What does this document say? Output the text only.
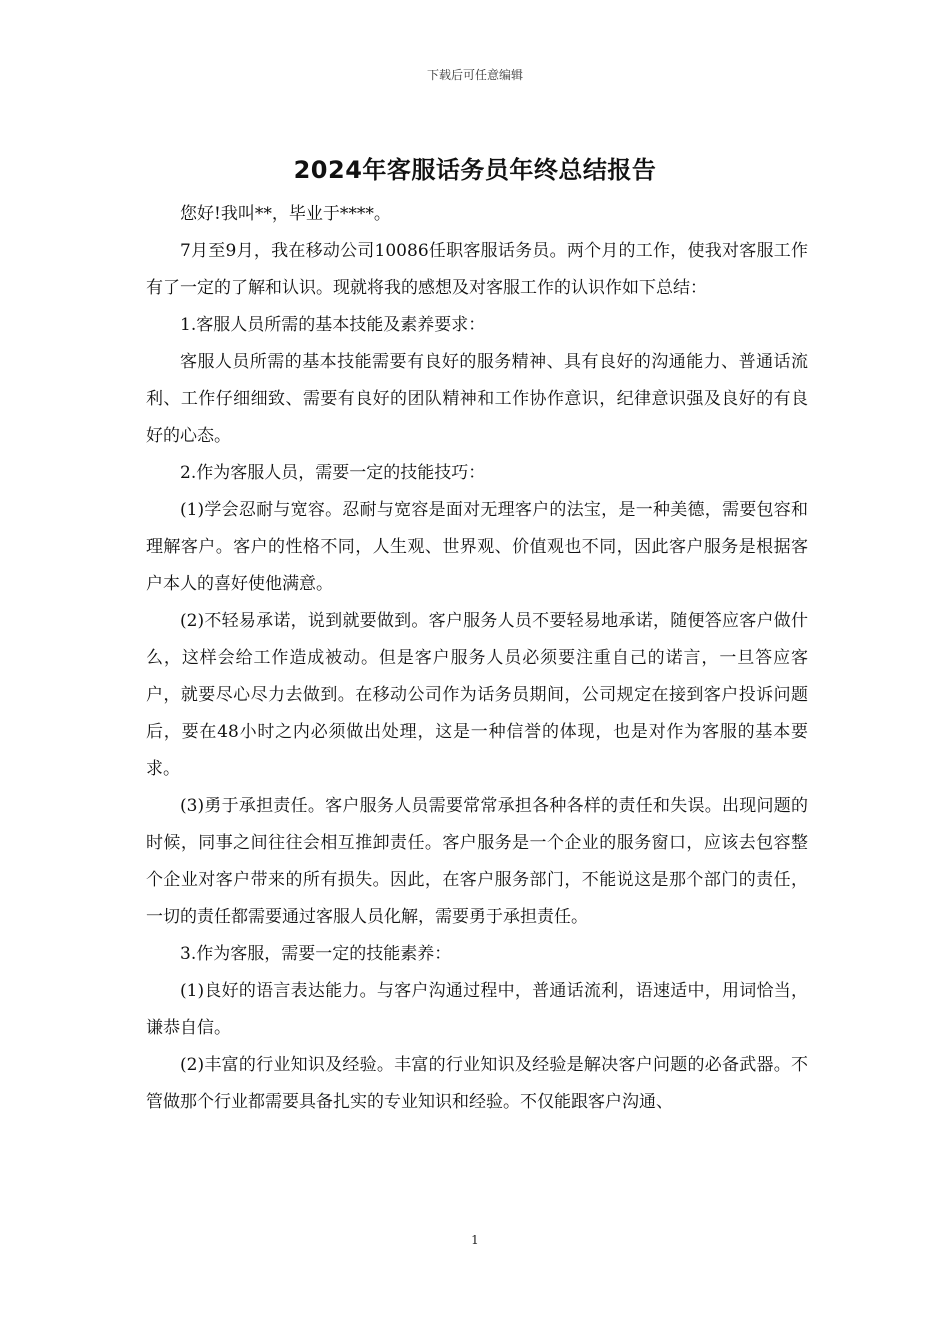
下载后可任意编辑
2024年客服话务员年终总结报告

您好!我叫**，毕业于****。

7月至9月，我在移动公司10086任职客服话务员。两个月的工作，使我对客服工作有了一定的了解和认识。现就将我的感想及对客服工作的认识作如下总结：

1.客服人员所需的基本技能及素养要求：

客服人员所需的基本技能需要有良好的服务精神、具有良好的沟通能力、普通话流利、工作仔细细致、需要有良好的团队精神和工作协作意识，纪律意识强及良好的有良好的心态。

2.作为客服人员，需要一定的技能技巧：

(1)学会忍耐与宽容。忍耐与宽容是面对无理客户的法宝，是一种美德，需要包容和理解客户。客户的性格不同，人生观、世界观、价值观也不同，因此客户服务是根据客户本人的喜好使他满意。

(2)不轻易承诺，说到就要做到。客户服务人员不要轻易地承诺，随便答应客户做什么，这样会给工作造成被动。但是客户服务人员必须要注重自己的诺言，一旦答应客户，就要尽心尽力去做到。在移动公司作为话务员期间，公司规定在接到客户投诉问题后，要在48小时之内必须做出处理，这是一种信誉的体现，也是对作为客服的基本要求。

(3)勇于承担责任。客户服务人员需要常常承担各种各样的责任和失误。出现问题的时候，同事之间往往会相互推卸责任。客户服务是一个企业的服务窗口，应该去包容整个企业对客户带来的所有损失。因此，在客户服务部门，不能说这是那个部门的责任，一切的责任都需要通过客服人员化解，需要勇于承担责任。

3.作为客服，需要一定的技能素养：

(1)良好的语言表达能力。与客户沟通过程中，普通话流利，语速适中，用词恰当，谦恭自信。

(2)丰富的行业知识及经验。丰富的行业知识及经验是解决客户问题的必备武器。不管做那个行业都需要具备扎实的专业知识和经验。不仅能跟客户沟通、

1
